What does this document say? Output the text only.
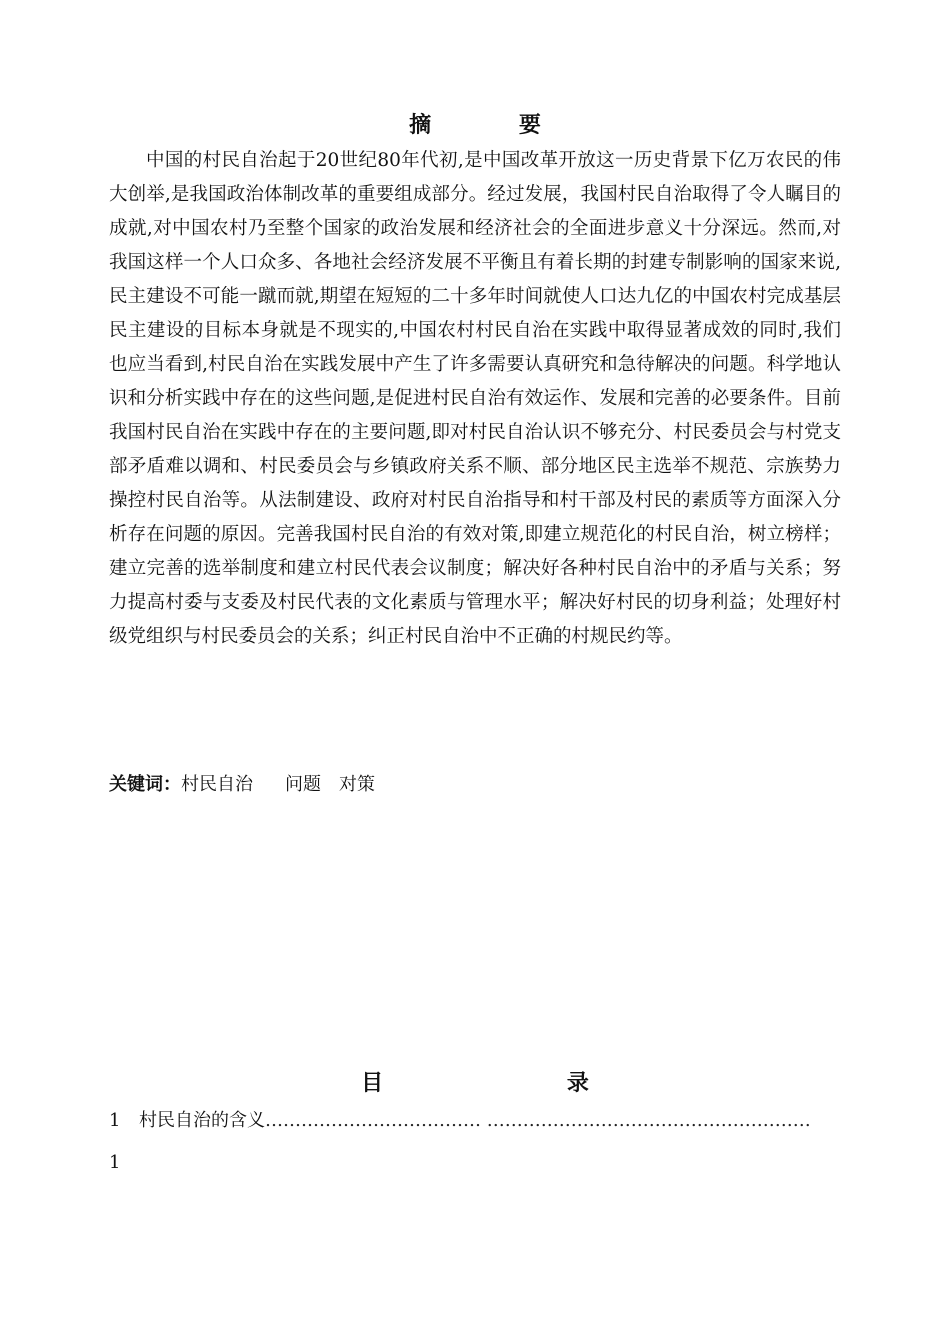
摘 要

中国的村民自治起于20世纪80年代初,是中国改革开放这一历史背景下亿万农民的伟大创举,是我国政治体制改革的重要组成部分。经过发展，我国村民自治取得了令人瞩目的成就,对中国农村乃至整个国家的政治发展和经济社会的全面进步意义十分深远。然而,对我国这样一个人口众多、各地社会经济发展不平衡且有着长期的封建专制影响的国家来说,民主建设不可能一蹴而就,期望在短短的二十多年时间就使人口达九亿的中国农村完成基层民主建设的目标本身就是不现实的,中国农村村民自治在实践中取得显著成效的同时,我们也应当看到,村民自治在实践发展中产生了许多需要认真研究和急待解决的问题。科学地认识和分析实践中存在的这些问题,是促进村民自治有效运作、发展和完善的必要条件。目前我国村民自治在实践中存在的主要问题,即对村民自治认识不够充分、村民委员会与村党支部矛盾难以调和、村民委员会与乡镇政府关系不顺、部分地区民主选举不规范、宗族势力操控村民自治等。从法制建设、政府对村民自治指导和村干部及村民的素质等方面深入分析存在问题的原因。完善我国村民自治的有效对策,即建立规范化的村民自治，树立榜样；建立完善的选举制度和建立村民代表会议制度；解决好各种村民自治中的矛盾与关系；努力提高村委与支委及村民代表的文化素质与管理水平；解决好村民的切身利益；处理好村级党组织与村民委员会的关系；纠正村民自治中不正确的村规民约等。

关键词：村民自治 问题 对策
目 录
1 村民自治的含义……………………………… ………………………………………………
1
